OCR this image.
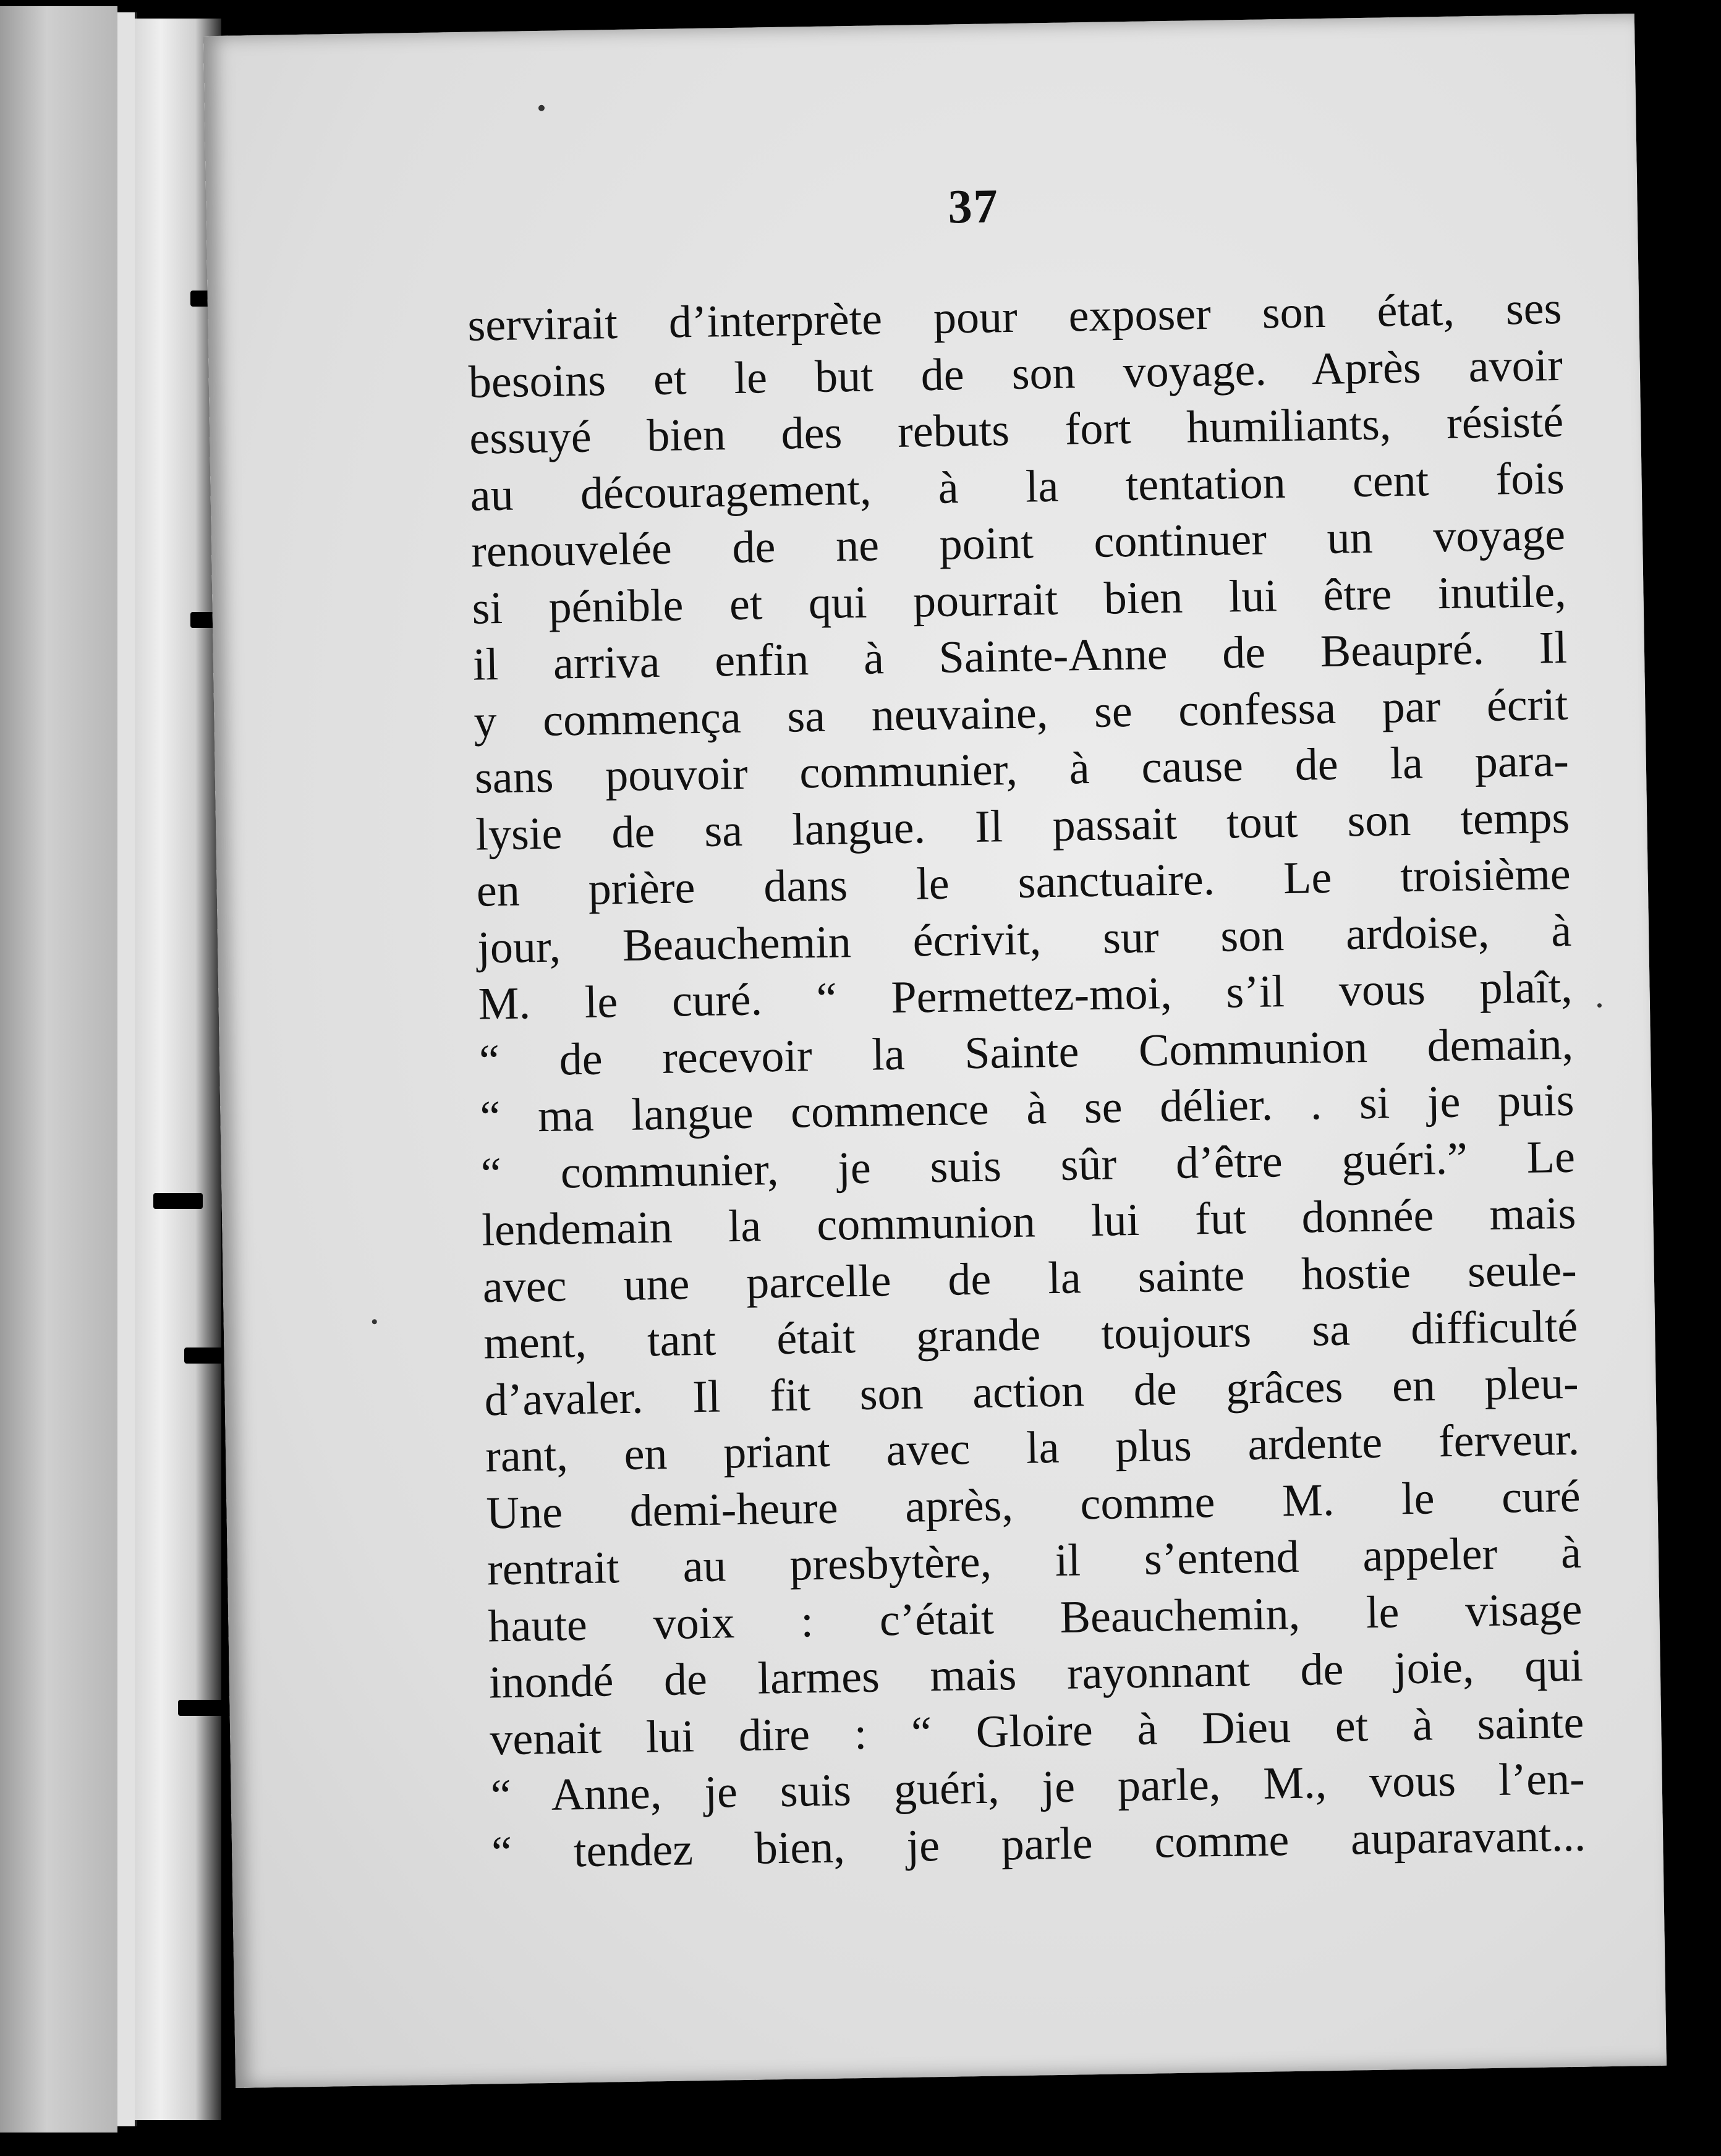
37
servirait d’interprète pour exposer son état, ses
besoins et le but de son voyage. Après avoir
essuyé bien des rebuts fort humiliants, résisté
au découragement, à la tentation cent fois
renouvelée de ne point continuer un voyage
si pénible et qui pourrait bien lui être inutile,
il arriva enfin à Sainte-Anne de Beaupré. Il
y commença sa neuvaine, se confessa par écrit
sans pouvoir communier, à cause de la para-
lysie de sa langue. Il passait tout son temps
en prière dans le sanctuaire. Le troisième
jour, Beauchemin écrivit, sur son ardoise, à
M. le curé. “ Permettez-moi, s’il vous plaît,
“ de recevoir la Sainte Communion demain,
“ ma langue commence à se délier. . si je puis
“ communier, je suis sûr d’être guéri.” Le
lendemain la communion lui fut donnée mais
avec une parcelle de la sainte hostie seule-
ment, tant était grande toujours sa difficulté
d’avaler. Il fit son action de grâces en pleu-
rant, en priant avec la plus ardente ferveur.
Une demi-heure après, comme M. le curé
rentrait au presbytère, il s’entend appeler à
haute voix : c’était Beauchemin, le visage
inondé de larmes mais rayonnant de joie, qui
venait lui dire : “ Gloire à Dieu et à sainte
“ Anne, je suis guéri, je parle, M., vous l’en-
“ tendez bien, je parle comme auparavant...
